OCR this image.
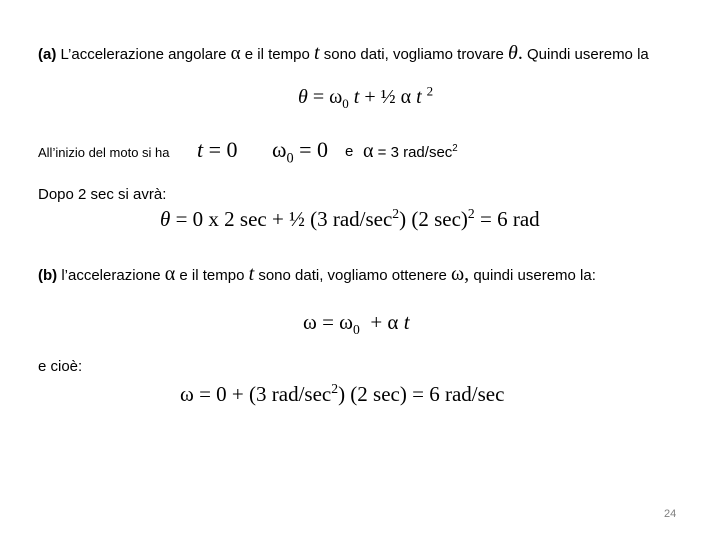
(a) L’accelerazione angolare α e il tempo t sono dati, vogliamo trovare θ. Quindi useremo la
$\theta = \omega_0$ t + ½ α t $^2$
All’inizio del moto si ha t = 0 $\omega_0 = 0$ e α = 3 rad/$\sec^2$
Dopo 2 sec si avrà:
θ = 0 x 2 sec + ½ (3 rad/$\sec^2$) (2 sec)$^2$ = 6 rad
(b) l’accelerazione α e il tempo t sono dati, vogliamo ottenere ω, quindi useremo la:
$\omega = \omega_0 + \alpha$ t
e cioè:
ω = 0 + (3 rad/$\sec^2$) (2 sec) = 6 rad/sec
24
